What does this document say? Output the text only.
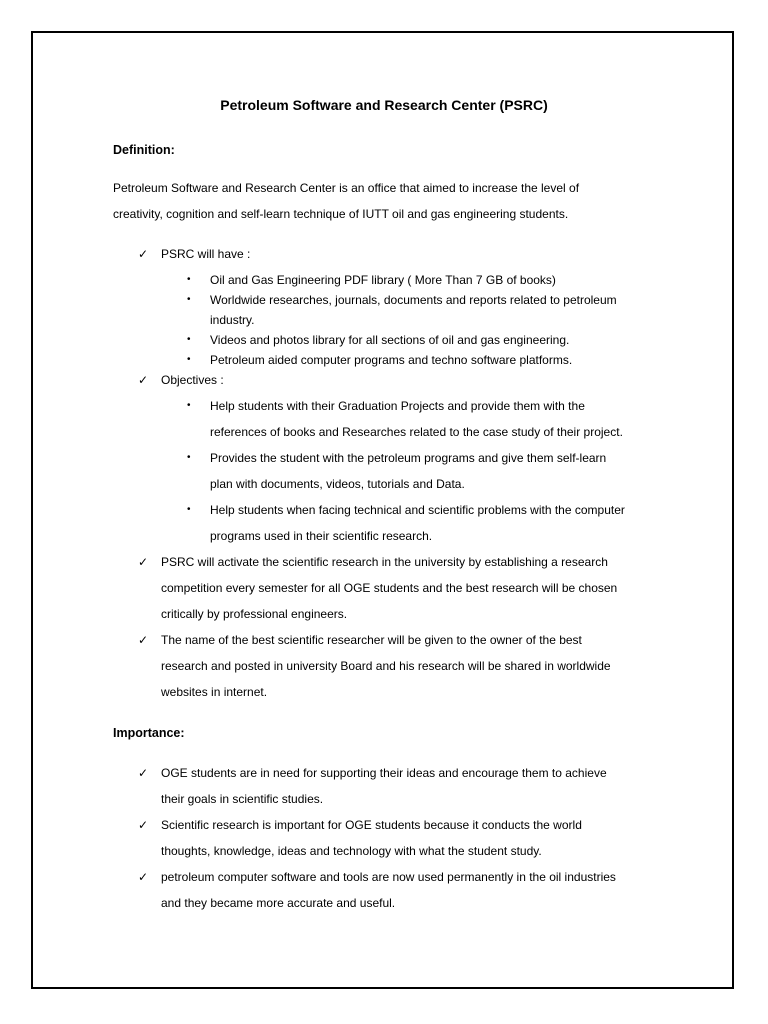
Petroleum Software and Research Center (PSRC)
Definition:
Petroleum Software and Research Center is an office that aimed to increase the level of
creativity, cognition and self-learn technique of IUTT oil and gas engineering students.
✓ PSRC will have :
• Oil and Gas Engineering PDF library ( More Than 7 GB of books)
• Worldwide researches, journals, documents and reports related to petroleum
industry.
• Videos and photos library for all sections of oil and gas engineering.
• Petroleum aided computer programs and techno software platforms.
✓ Objectives :
• Help students with their Graduation Projects and provide them with the
references of books and Researches related to the case study of their project.
• Provides the student with the petroleum programs and give them self-learn
plan with documents, videos, tutorials and Data.
• Help students when facing technical and scientific problems with the computer
programs used in their scientific research.
✓ PSRC will activate the scientific research in the university by establishing a research
competition every semester for all OGE students and the best research will be chosen
critically by professional engineers.
✓ The name of the best scientific researcher will be given to the owner of the best
research and posted in university Board and his research will be shared in worldwide
websites in internet.
Importance:
✓ OGE students are in need for supporting their ideas and encourage them to achieve
their goals in scientific studies.
✓ Scientific research is important for OGE students because it conducts the world
thoughts, knowledge, ideas and technology with what the student study.
✓ petroleum computer software and tools are now used permanently in the oil industries
and they became more accurate and useful.
